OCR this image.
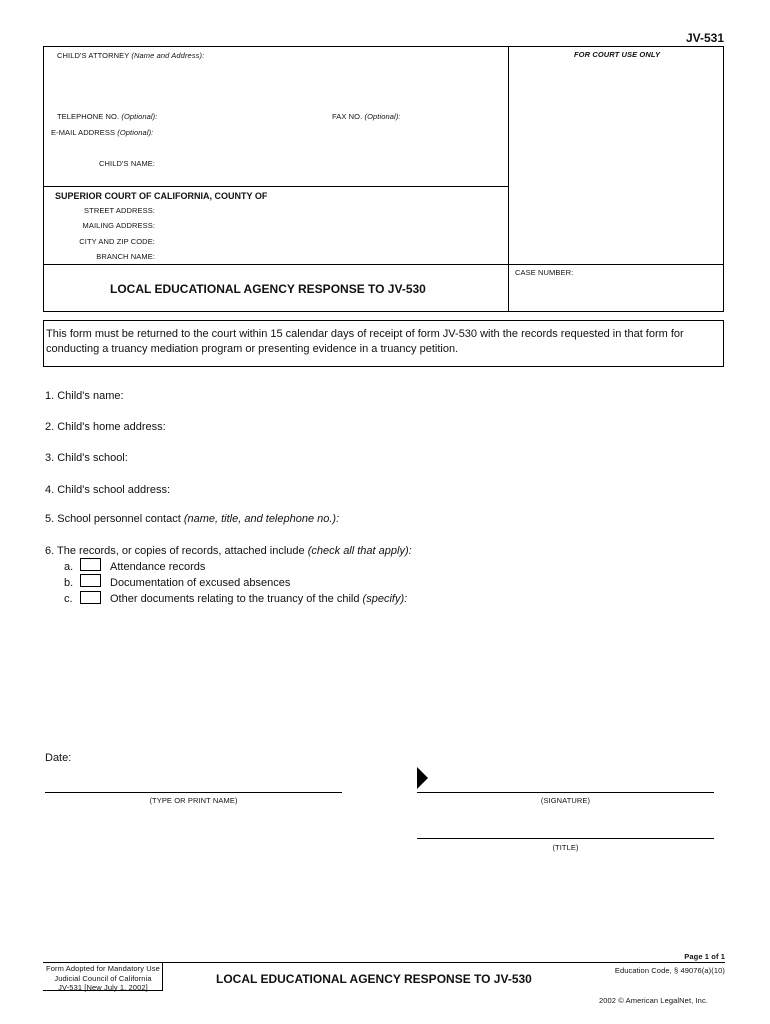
JV-531
CHILD'S ATTORNEY (Name and Address):	FOR COURT USE ONLY
TELEPHONE NO. (Optional):	FAX NO. (Optional):
E-MAIL ADDRESS (Optional):
CHILD'S NAME:
SUPERIOR COURT OF CALIFORNIA, COUNTY OF
STREET ADDRESS:
MAILING ADDRESS:
CITY AND ZIP CODE:
BRANCH NAME:
CASE NUMBER:
LOCAL EDUCATIONAL AGENCY RESPONSE TO JV-530
This form must be returned to the court within 15 calendar days of receipt of form JV-530 with the records requested in that form for
conducting a truancy mediation program or presenting evidence in a truancy petition.
1. Child's name:
2. Child's home address:
3. Child's school:
4. Child's school address:
5. School personnel contact (name, title, and telephone no.):
6. The records, or copies of records, attached include (check all that apply):
a.	Attendance records
b.	Documentation of excused absences
c.	Other documents relating to the truancy of the child (specify):
Date:
(TYPE OR PRINT NAME)	(SIGNATURE)
(TITLE)
Page 1 of 1
Form Adopted for Mandatory Use
Judicial Council of California
JV-531 [New July 1, 2002]
LOCAL EDUCATIONAL AGENCY RESPONSE TO JV-530
Education Code, § 49076(a)(10)
2002 © American LegalNet, Inc.
